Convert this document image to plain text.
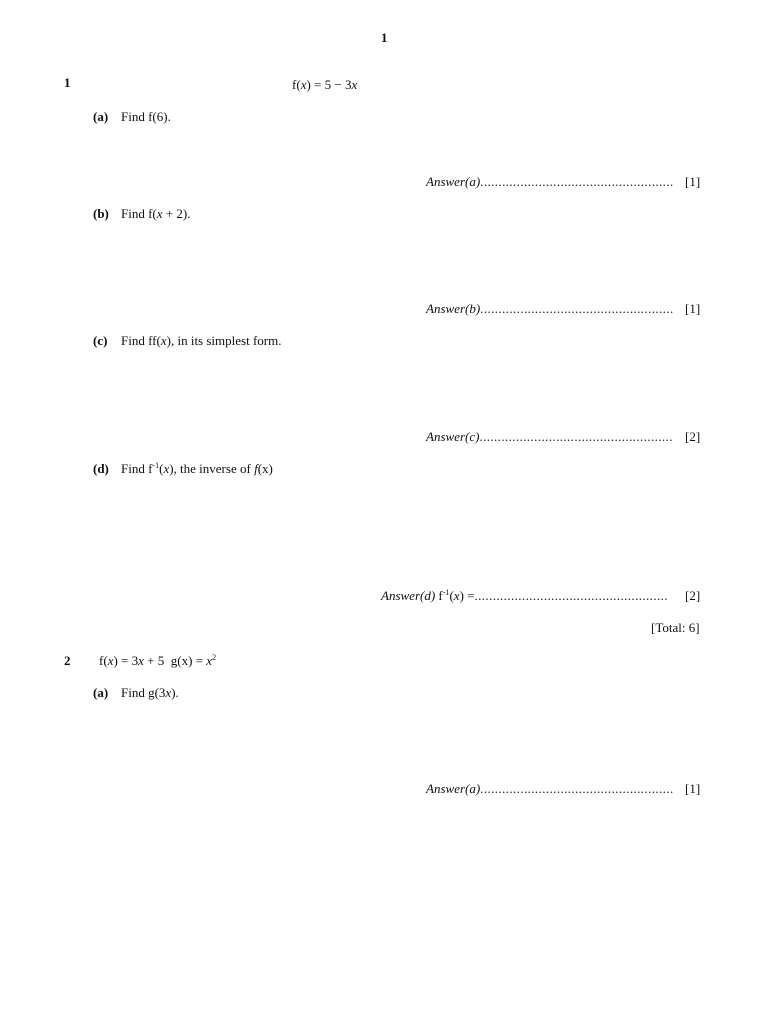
1
1	f(x) = 5 − 3x
(a) Find f(6).
Answer(a)..................................................... [1]
(b) Find f(x + 2).
Answer(b)..................................................... [1]
(c) Find ff(x), in its simplest form.
Answer(c)..................................................... [2]
(d) Find $f^{-1}(x)$, the inverse of f(x)
Answer(d) $f^{-1}(x)$ =..................................................... [2]
[Total: 6]
2 f(x) = 3x + 5 $g(x) = x^2$
(a) Find g(3x).
Answer(a)..................................................... [1]
